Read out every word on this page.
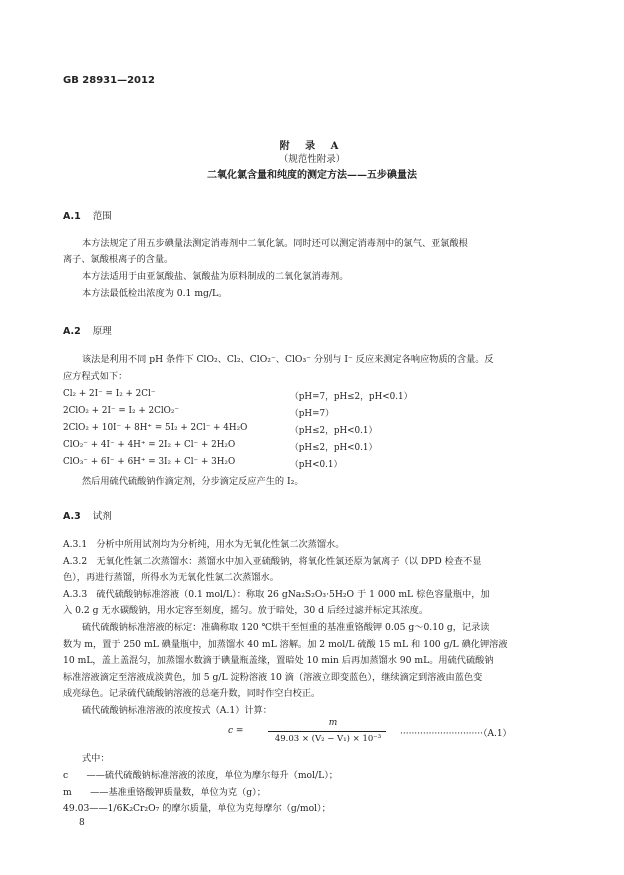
GB 28931—2012
附 录 A
（规范性附录）
二氧化氯含量和纯度的测定方法——五步碘量法
A.1 范围
本方法规定了用五步碘量法测定消毒剂中二氧化氯。同时还可以测定消毒剂中的氯气、亚氯酸根
离子、氯酸根离子的含量。
本方法适用于由亚氯酸盐、氯酸盐为原料制成的二氧化氯消毒剂。
本方法最低检出浓度为 0.1 mg/L。
A.2 原理
该法是利用不同 pH 条件下 ClO₂、Cl₂、ClO₂⁻、ClO₃⁻ 分别与 I⁻ 反应来测定各响应物质的含量。反
应方程式如下：
Cl₂ + 2I⁻ = I₂ + 2Cl⁻	（pH=7，pH≤2，pH<0.1）
2ClO₂ + 2I⁻ = I₂ + 2ClO₂⁻	（pH=7）
2ClO₂ + 10I⁻ + 8H⁺ = 5I₂ + 2Cl⁻ + 4H₂O	（pH≤2，pH<0.1）
ClO₂⁻ + 4I⁻ + 4H⁺ = 2I₂ + Cl⁻ + 2H₂O	（pH≤2，pH<0.1）
ClO₃⁻ + 6I⁻ + 6H⁺ = 3I₂ + Cl⁻ + 3H₂O	（pH<0.1）
然后用硫代硫酸钠作滴定剂，分步滴定反应产生的 I₂。
A.3 试剂
A.3.1　分析中所用试剂均为分析纯，用水为无氧化性氯二次蒸馏水。
A.3.2　无氧化性氯二次蒸馏水：蒸馏水中加入亚硫酸钠，将氧化性氯还原为氯离子（以 DPD 检查不显
色），再进行蒸馏，所得水为无氧化性氯二次蒸馏水。
A.3.3　硫代硫酸钠标准溶液（0.1 mol/L）：称取 26 gNa₂S₂O₃·5H₂O 于 1 000 mL 棕色容量瓶中，加
入 0.2 g 无水碳酸钠，用水定容至刻度，摇匀。放于暗处，30 d 后经过滤并标定其浓度。
硫代硫酸钠标准溶液的标定：准确称取 120 ℃烘干至恒重的基准重铬酸钾 0.05 g～0.10 g，记录读
数为 m，置于 250 mL 碘量瓶中，加蒸馏水 40 mL 溶解。加 2 mol/L 硫酸 15 mL 和 100 g/L 碘化钾溶液
10 mL，盖上盖混匀，加蒸馏水数滴于碘量瓶盖缘，置暗处 10 min 后再加蒸馏水 90 mL。用硫代硫酸钠
标准溶液滴定至溶液成淡黄色，加 5 g/L 淀粉溶液 10 滴（溶液立即变蓝色），继续滴定到溶液由蓝色变
成亮绿色。记录硫代硫酸钠溶液的总毫升数，同时作空白校正。
硫代硫酸钠标准溶液的浓度按式（A.1）计算：
c =
m
49.03 × (V₂ − V₁) × 10⁻³	·····························（A.1）
式中：
c　　——硫代硫酸钠标准溶液的浓度，单位为摩尔每升（mol/L）；
m　　——基准重铬酸钾质量数，单位为克（g）；
49.03——1/6K₂Cr₂O₇ 的摩尔质量，单位为克每摩尔（g/mol）；
8
